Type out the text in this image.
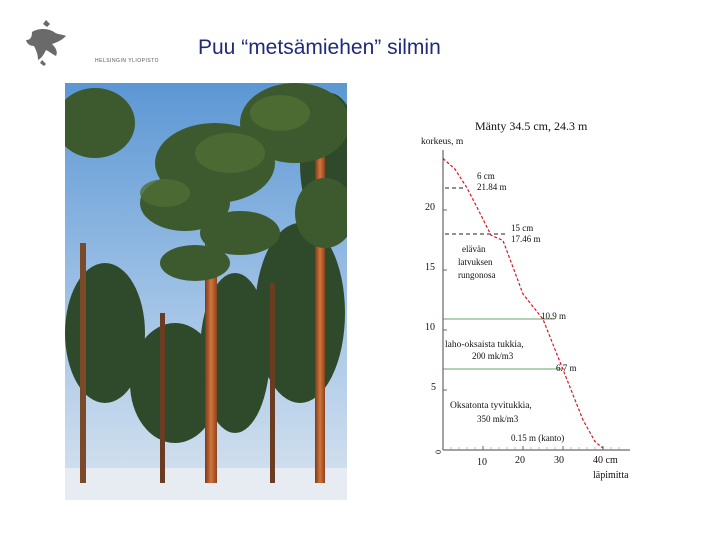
HELSINGIN YLIOPISTO
Puu “metsämiehen” silmin
Mänty 34.5 cm, 24.3 m
korkeus, m
0
5
10
15
20
10	20	30	40 cm
läpimitta
6 cm
21.84 m
15 cm
17.46 m
elävän
latvuksen
rungonosa
10.9 m
laho-oksaista tukkia,
200 mk/m3
6.7 m
Oksatonta tyvitukkia,
350 mk/m3
0.15 m (kanto)
